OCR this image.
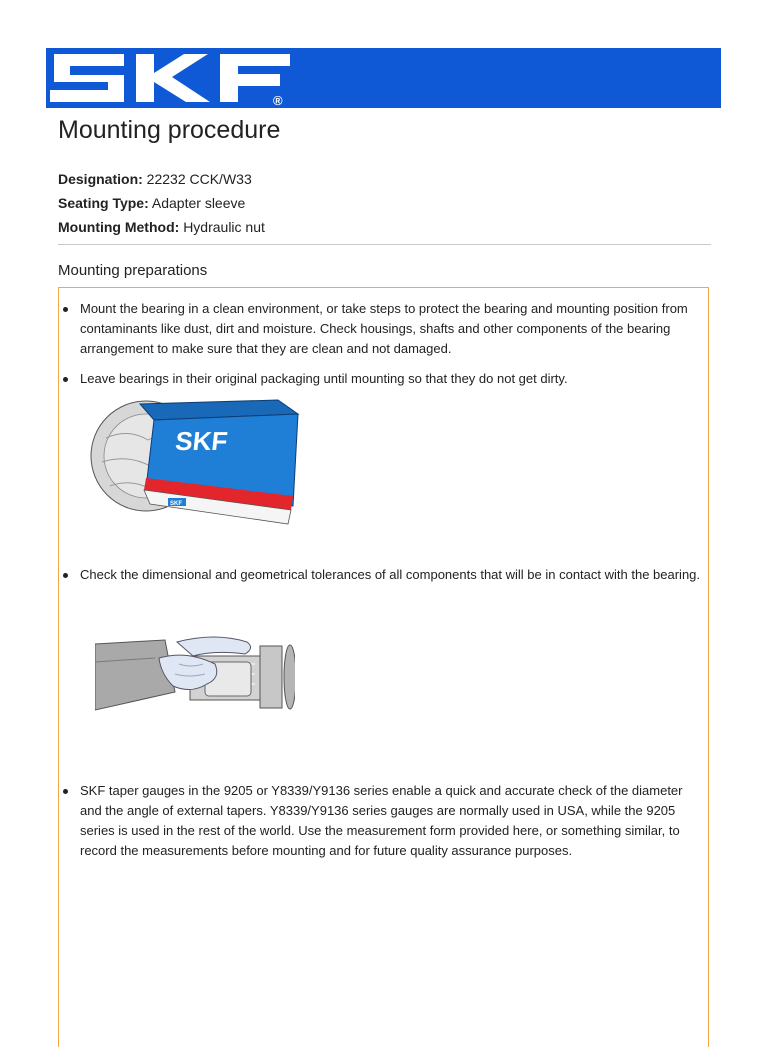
®
Mounting procedure
Designation: 22232 CCK/W33
Seating Type: Adapter sleeve
Mounting Method: Hydraulic nut
Mounting preparations
Mount the bearing in a clean environment, or take steps to protect the bearing and mounting position from contaminants like dust, dirt and moisture. Check housings, shafts and other components of the bearing arrangement to make sure that they are clean and not damaged.
Leave bearings in their original packaging until mounting so that they do not get dirty.
SKF
SKF
Check the dimensional and geometrical tolerances of all components that will be in contact with the bearing.
SKF taper gauges in the 9205 or Y8339/Y9136 series enable a quick and accurate check of the diameter and the angle of external tapers. Y8339/Y9136 series gauges are normally used in USA, while the 9205 series is used in the rest of the world. Use the measurement form provided here, or something similar, to record the measurements before mounting and for future quality assurance purposes.
